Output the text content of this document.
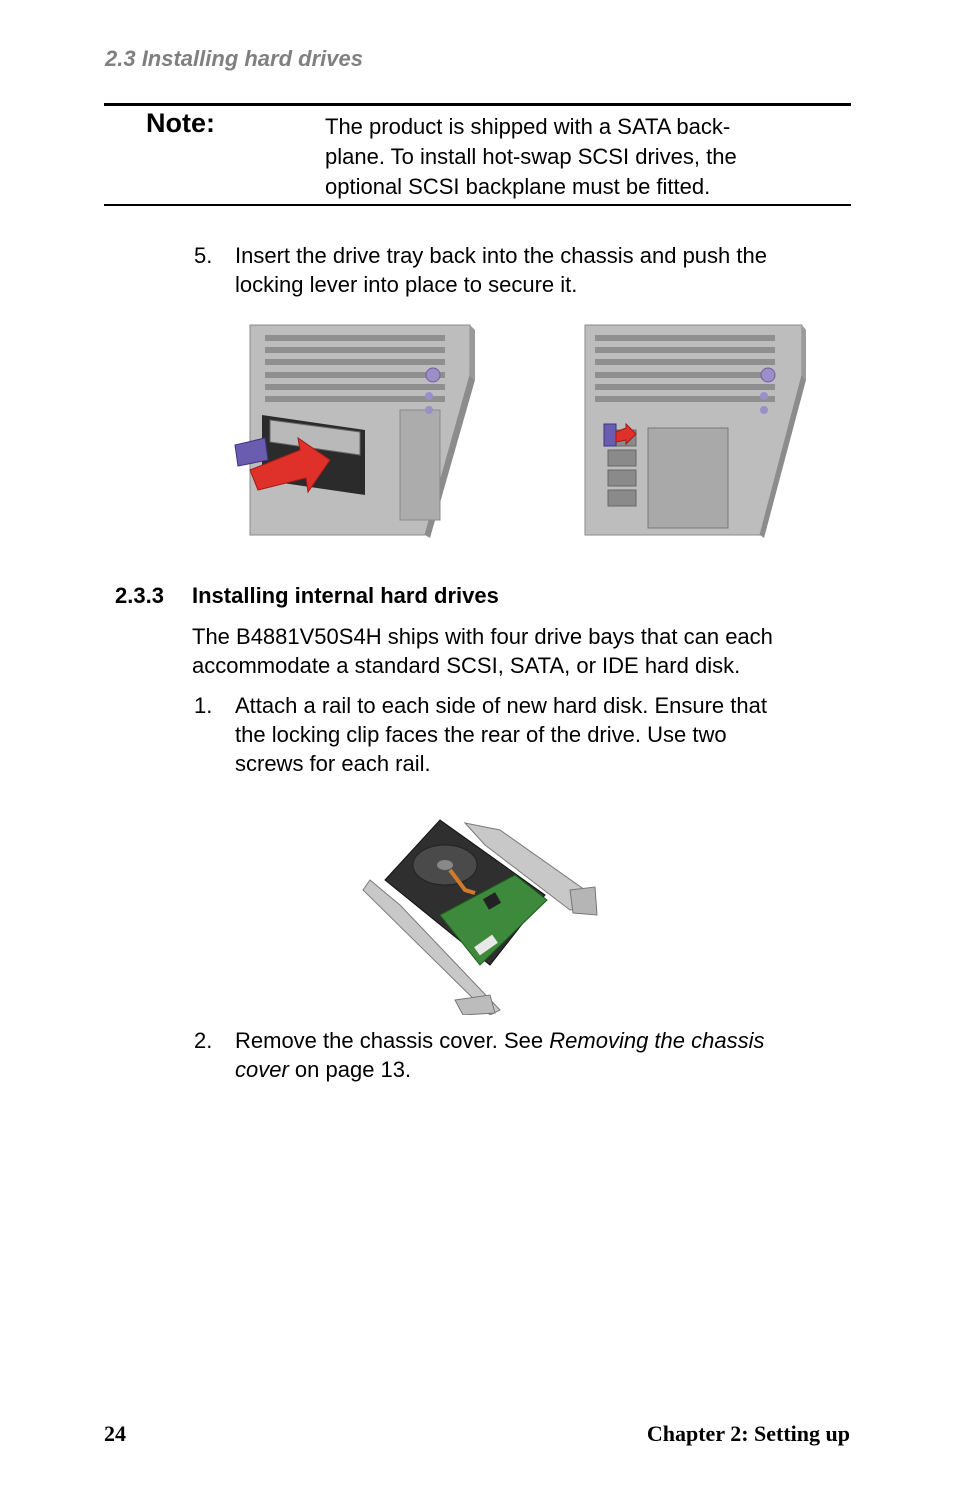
2.3 Installing hard drives
Note:	The product is shipped with a SATA back-
plane. To install hot-swap SCSI drives, the
optional SCSI backplane must be fitted.
5. Insert the drive tray back into the chassis and push the
locking lever into place to secure it.
2.3.3 Installing internal hard drives
The B4881V50S4H ships with four drive bays that can each
accommodate a standard SCSI, SATA, or IDE hard disk.
1. Attach a rail to each side of new hard disk. Ensure that
the locking clip faces the rear of the drive. Use two
screws for each rail.
2. Remove the chassis cover. See Removing the chassis
cover on page 13.
24	Chapter 2: Setting up
